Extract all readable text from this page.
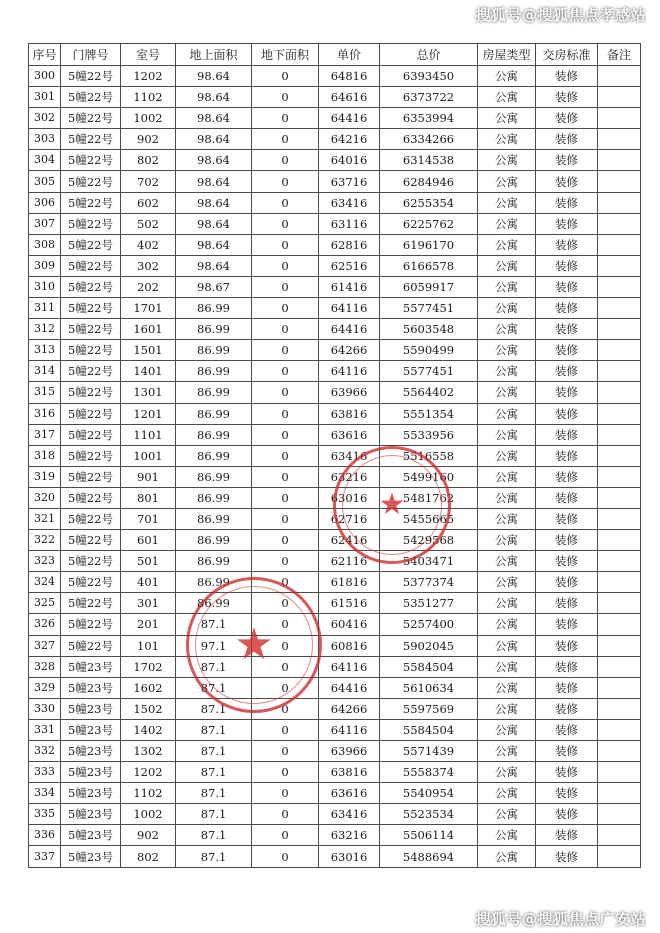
搜狐号@搜狐焦点孝感站
序号	门牌号	室号	地上面积	地下面积	单价	总价	房屋类型	交房标准	备注
300	5幢22号	1202	98.64	0	64816	6393450	公寓	装修	
301	5幢22号	1102	98.64	0	64616	6373722	公寓	装修	
302	5幢22号	1002	98.64	0	64416	6353994	公寓	装修	
303	5幢22号	902	98.64	0	64216	6334266	公寓	装修	
304	5幢22号	802	98.64	0	64016	6314538	公寓	装修	
305	5幢22号	702	98.64	0	63716	6284946	公寓	装修	
306	5幢22号	602	98.64	0	63416	6255354	公寓	装修	
307	5幢22号	502	98.64	0	63116	6225762	公寓	装修	
308	5幢22号	402	98.64	0	62816	6196170	公寓	装修	
309	5幢22号	302	98.64	0	62516	6166578	公寓	装修	
310	5幢22号	202	98.67	0	61416	6059917	公寓	装修	
311	5幢22号	1701	86.99	0	64116	5577451	公寓	装修	
312	5幢22号	1601	86.99	0	64416	5603548	公寓	装修	
313	5幢22号	1501	86.99	0	64266	5590499	公寓	装修	
314	5幢22号	1401	86.99	0	64116	5577451	公寓	装修	
315	5幢22号	1301	86.99	0	63966	5564402	公寓	装修	
316	5幢22号	1201	86.99	0	63816	5551354	公寓	装修	
317	5幢22号	1101	86.99	0	63616	5533956	公寓	装修	
318	5幢22号	1001	86.99	0	63416	5516558	公寓	装修	
319	5幢22号	901	86.99	0	63216	5499160	公寓	装修	
320	5幢22号	801	86.99	0	63016	5481762	公寓	装修	
321	5幢22号	701	86.99	0	62716	5455665	公寓	装修	
322	5幢22号	601	86.99	0	62416	5429568	公寓	装修	
323	5幢22号	501	86.99	0	62116	5403471	公寓	装修	
324	5幢22号	401	86.99	0	61816	5377374	公寓	装修	
325	5幢22号	301	86.99	0	61516	5351277	公寓	装修	
326	5幢22号	201	87.1	0	60416	5257400	公寓	装修	
327	5幢22号	101	97.1	0	60816	5902045	公寓	装修	
328	5幢23号	1702	87.1	0	64116	5584504	公寓	装修	
329	5幢23号	1602	87.1	0	64416	5610634	公寓	装修	
330	5幢23号	1502	87.1	0	64266	5597569	公寓	装修	
331	5幢23号	1402	87.1	0	64116	5584504	公寓	装修	
332	5幢23号	1302	87.1	0	63966	5571439	公寓	装修	
333	5幢23号	1202	87.1	0	63816	5558374	公寓	装修	
334	5幢23号	1102	87.1	0	63616	5540954	公寓	装修	
335	5幢23号	1002	87.1	0	63416	5523534	公寓	装修	
336	5幢23号	902	87.1	0	63216	5506114	公寓	装修	
337	5幢23号	802	87.1	0	63016	5488694	公寓	装修	
★
★
搜狐号@搜狐焦点广安站
